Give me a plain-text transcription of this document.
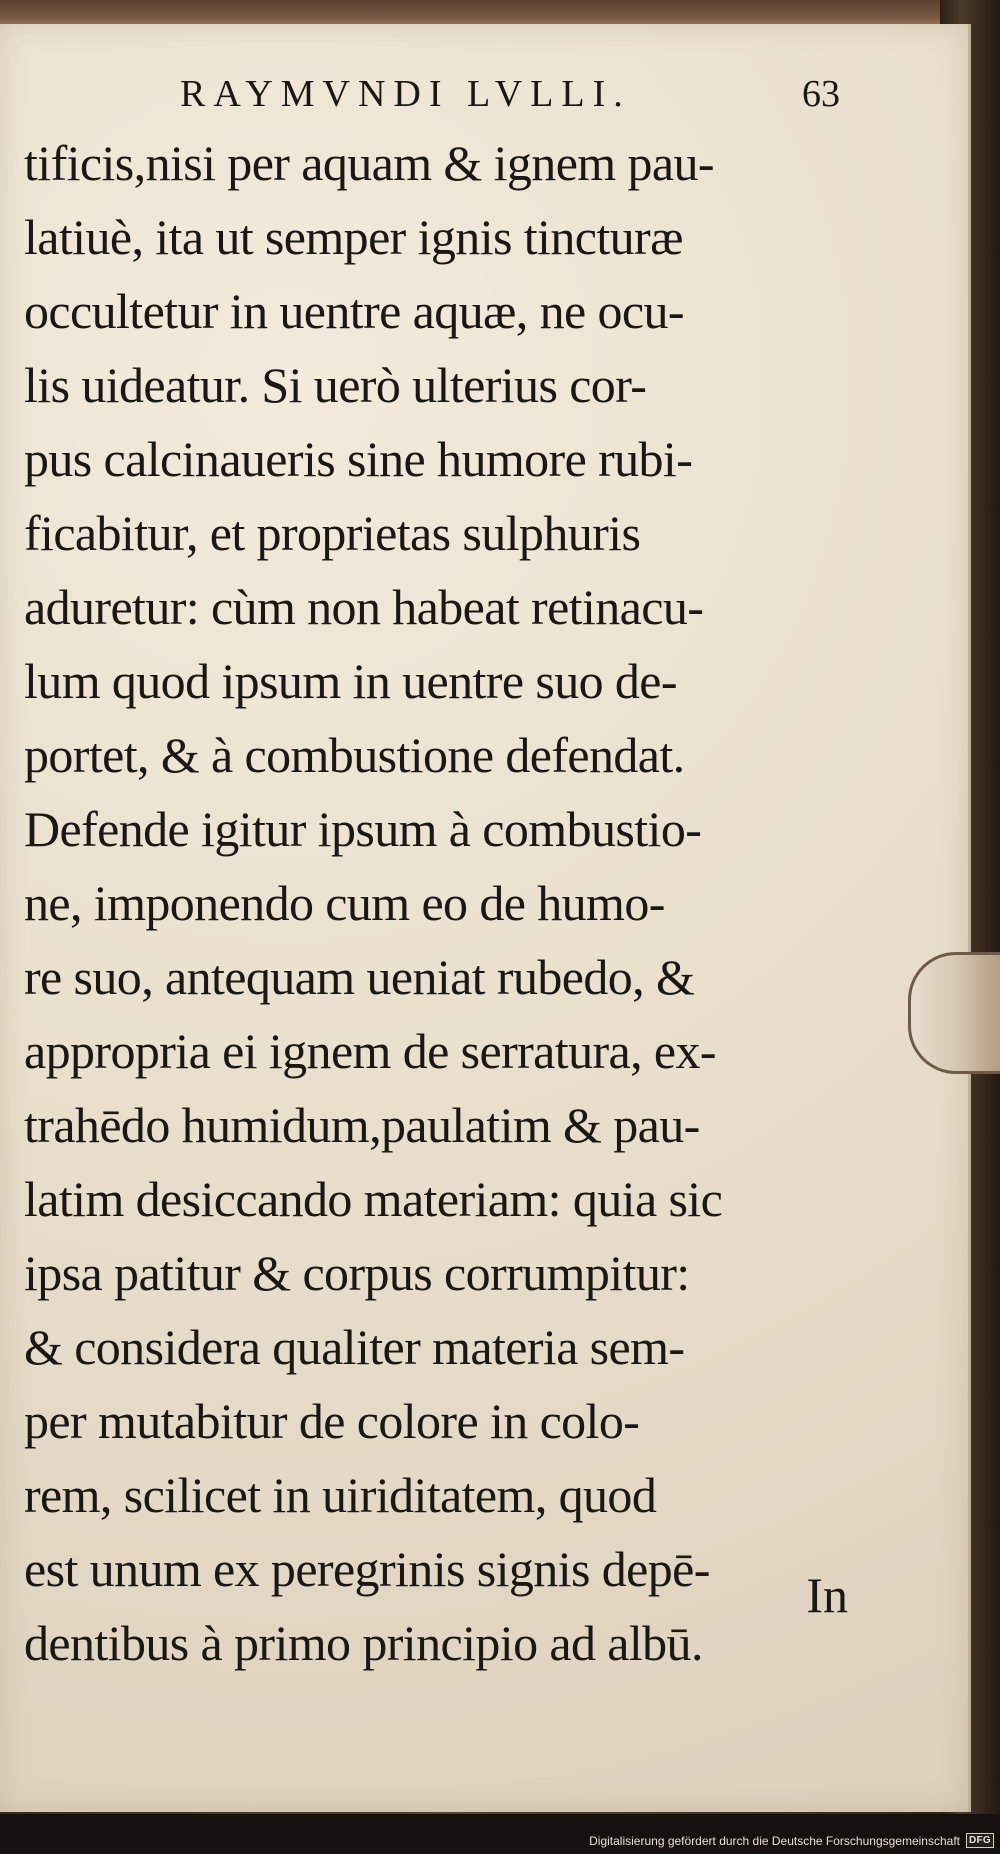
RAYMVNDI LVLLI.	63
tificis,nisi per aquam & ignem pau-
latiuè, ita ut semper ignis tincturæ
occultetur in uentre aquæ, ne ocu-
lis uideatur. Si uerò ulterius cor-
pus calcinaueris sine humore rubi-
ficabitur, et proprietas sulphuris
aduretur: cùm non habeat retinacu-
lum quod ipsum in uentre suo de-
portet, & à combustione defendat.
Defende igitur ipsum à combustio-
ne, imponendo cum eo de humo-
re suo, antequam ueniat rubedo, &
appropria ei ignem de serratura, ex-
trahēdo humidum,paulatim & pau-
latim desiccando materiam: quia sic
ipsa patitur & corpus corrumpitur:
& considera qualiter materia sem-
per mutabitur de colore in colo-
rem, scilicet in uiriditatem, quod
est unum ex peregrinis signis depē-
dentibus à primo principio ad albū.
In
Digitalisierung gefördert durch die Deutsche Forschungsgemeinschaft DFG
